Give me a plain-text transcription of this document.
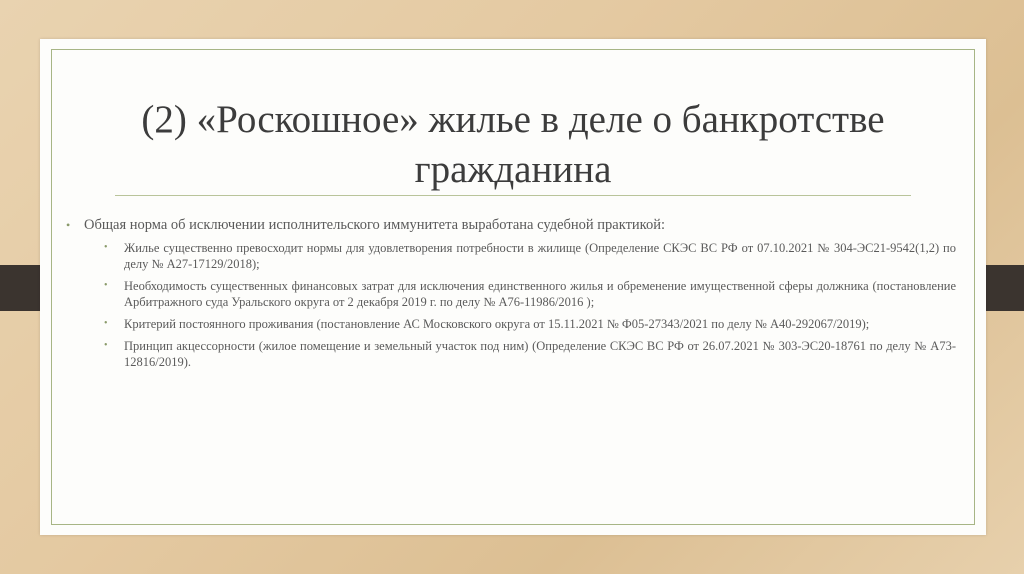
(2) «Роскошное» жилье в деле о банкротстве гражданина
• Общая норма об исключении исполнительского иммунитета выработана судебной практикой:
• Жилье существенно превосходит нормы для удовлетворения потребности в жилище (Определение СКЭС ВС РФ от 07.10.2021 № 304-ЭС21-9542(1,2) по делу № А27-17129/2018);
• Необходимость существенных финансовых затрат для исключения единственного жилья и обременение имущественной сферы должника (постановление Арбитражного суда Уральского округа от 2 декабря 2019 г. по делу № А76-11986/2016 );
• Критерий постоянного проживания (постановление АС Московского округа от 15.11.2021 № Ф05-27343/2021 по делу № А40-292067/2019);
• Принцип акцессорности (жилое помещение и земельный участок под ним) (Определение СКЭС ВС РФ от 26.07.2021 № 303-ЭС20-18761 по делу № А73-12816/2019).
